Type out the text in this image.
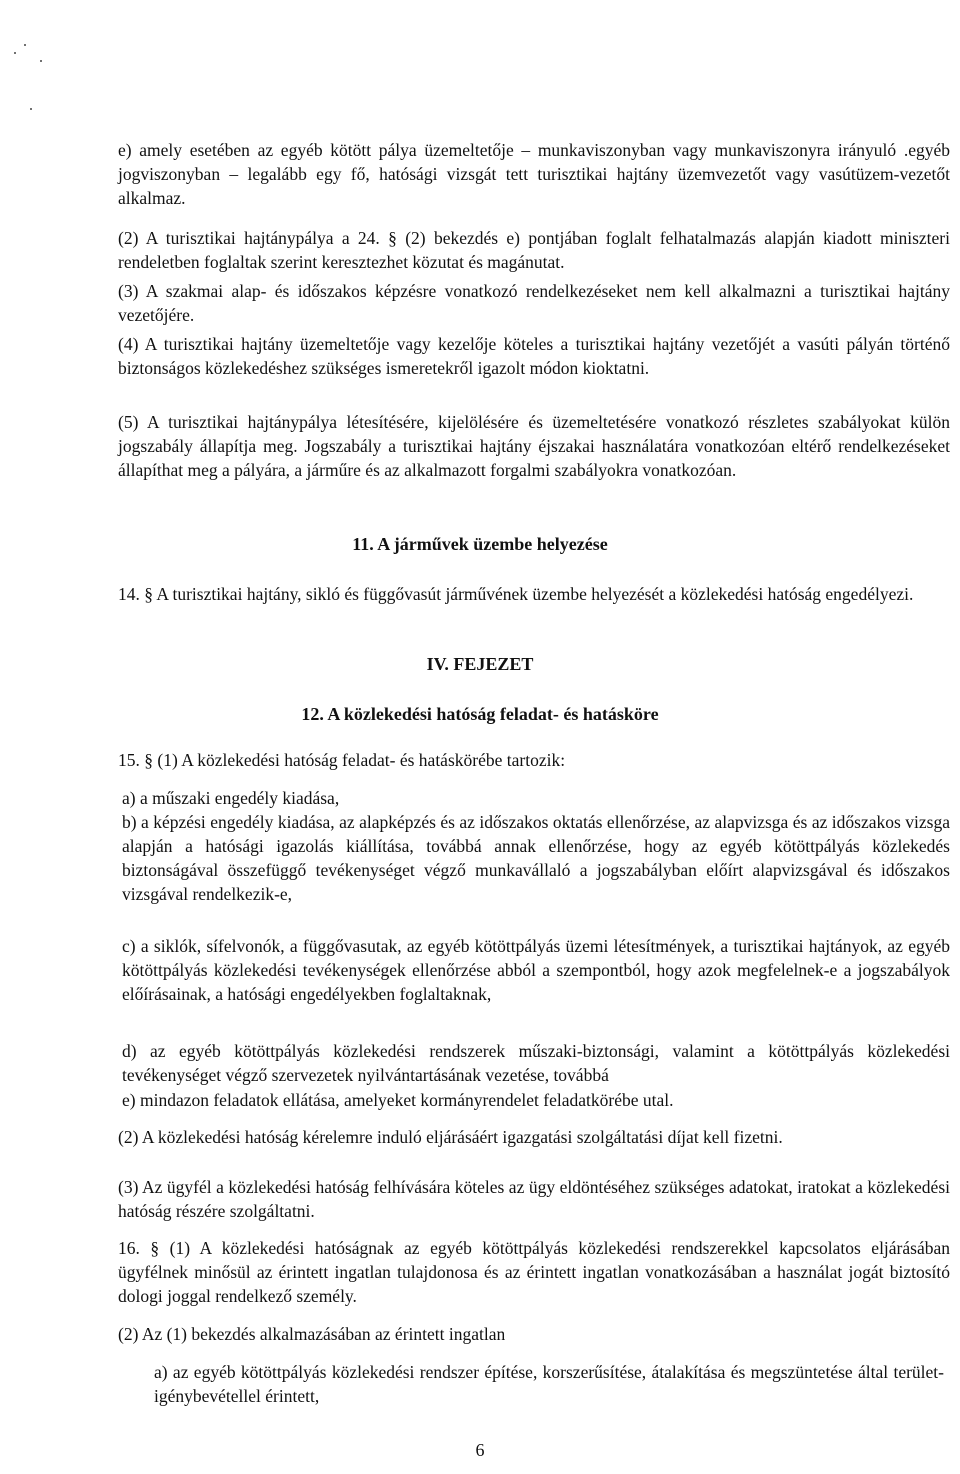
e) amely esetében az egyéb kötött pálya üzemeltetője – munkaviszonyban vagy munkaviszonyra irányuló .egyéb jogviszonyban – legalább egy fő, hatósági vizsgát tett turisztikai hajtány üzemvezetőt vagy vasútüzem-vezetőt alkalmaz.

(2) A turisztikai hajtánypálya a 24. § (2) bekezdés e) pontjában foglalt felhatalmazás alapján kiadott miniszteri rendeletben foglaltak szerint keresztezhet közutat és magánutat.

(3) A szakmai alap- és időszakos képzésre vonatkozó rendelkezéseket nem kell alkalmazni a turisztikai hajtány vezetőjére.

(4) A turisztikai hajtány üzemeltetője vagy kezelője köteles a turisztikai hajtány vezetőjét a vasúti pályán történő biztonságos közlekedéshez szükséges ismeretekről igazolt módon kioktatni.

(5) A turisztikai hajtánypálya létesítésére, kijelölésére és üzemeltetésére vonatkozó részletes szabályokat külön jogszabály állapítja meg. Jogszabály a turisztikai hajtány éjszakai használatára vonatkozóan eltérő rendelkezéseket állapíthat meg a pályára, a járműre és az alkalmazott forgalmi szabályokra vonatkozóan.

11. A járművek üzembe helyezése

14. § A turisztikai hajtány, sikló és függővasút járművének üzembe helyezését a közlekedési hatóság engedélyezi.

IV. FEJEZET

12. A közlekedési hatóság feladat- és hatásköre

15. § (1) A közlekedési hatóság feladat- és hatáskörébe tartozik:

a) a műszaki engedély kiadása,

b) a képzési engedély kiadása, az alapképzés és az időszakos oktatás ellenőrzése, az alapvizsga és az időszakos vizsga alapján a hatósági igazolás kiállítása, továbbá annak ellenőrzése, hogy az egyéb kötöttpályás közlekedés biztonságával összefüggő tevékenységet végző munkavállaló a jogszabályban előírt alapvizsgával és időszakos vizsgával rendelkezik-e,

c) a siklók, sífelvonók, a függővasutak, az egyéb kötöttpályás üzemi létesítmények, a turisztikai hajtányok, az egyéb kötöttpályás közlekedési tevékenységek ellenőrzése abból a szempontból, hogy azok megfelelnek-e a jogszabályok előírásainak, a hatósági engedélyekben foglaltaknak,

d) az egyéb kötöttpályás közlekedési rendszerek műszaki-biztonsági, valamint a kötöttpályás közlekedési tevékenységet végző szervezetek nyilvántartásának vezetése, továbbá

e) mindazon feladatok ellátása, amelyeket kormányrendelet feladatkörébe utal.

(2) A közlekedési hatóság kérelemre induló eljárásáért igazgatási szolgáltatási díjat kell fizetni.

(3) Az ügyfél a közlekedési hatóság felhívására köteles az ügy eldöntéséhez szükséges adatokat, iratokat a közlekedési hatóság részére szolgáltatni.

16. § (1) A közlekedési hatóságnak az egyéb kötöttpályás közlekedési rendszerekkel kapcsolatos eljárásában ügyfélnek minősül az érintett ingatlan tulajdonosa és az érintett ingatlan vonatkozásában a használat jogát biztosító dologi joggal rendelkező személy.

(2) Az (1) bekezdés alkalmazásában az érintett ingatlan

a) az egyéb kötöttpályás közlekedési rendszer építése, korszerűsítése, átalakítása és megszüntetése által terület-igénybevétellel érintett,

6
